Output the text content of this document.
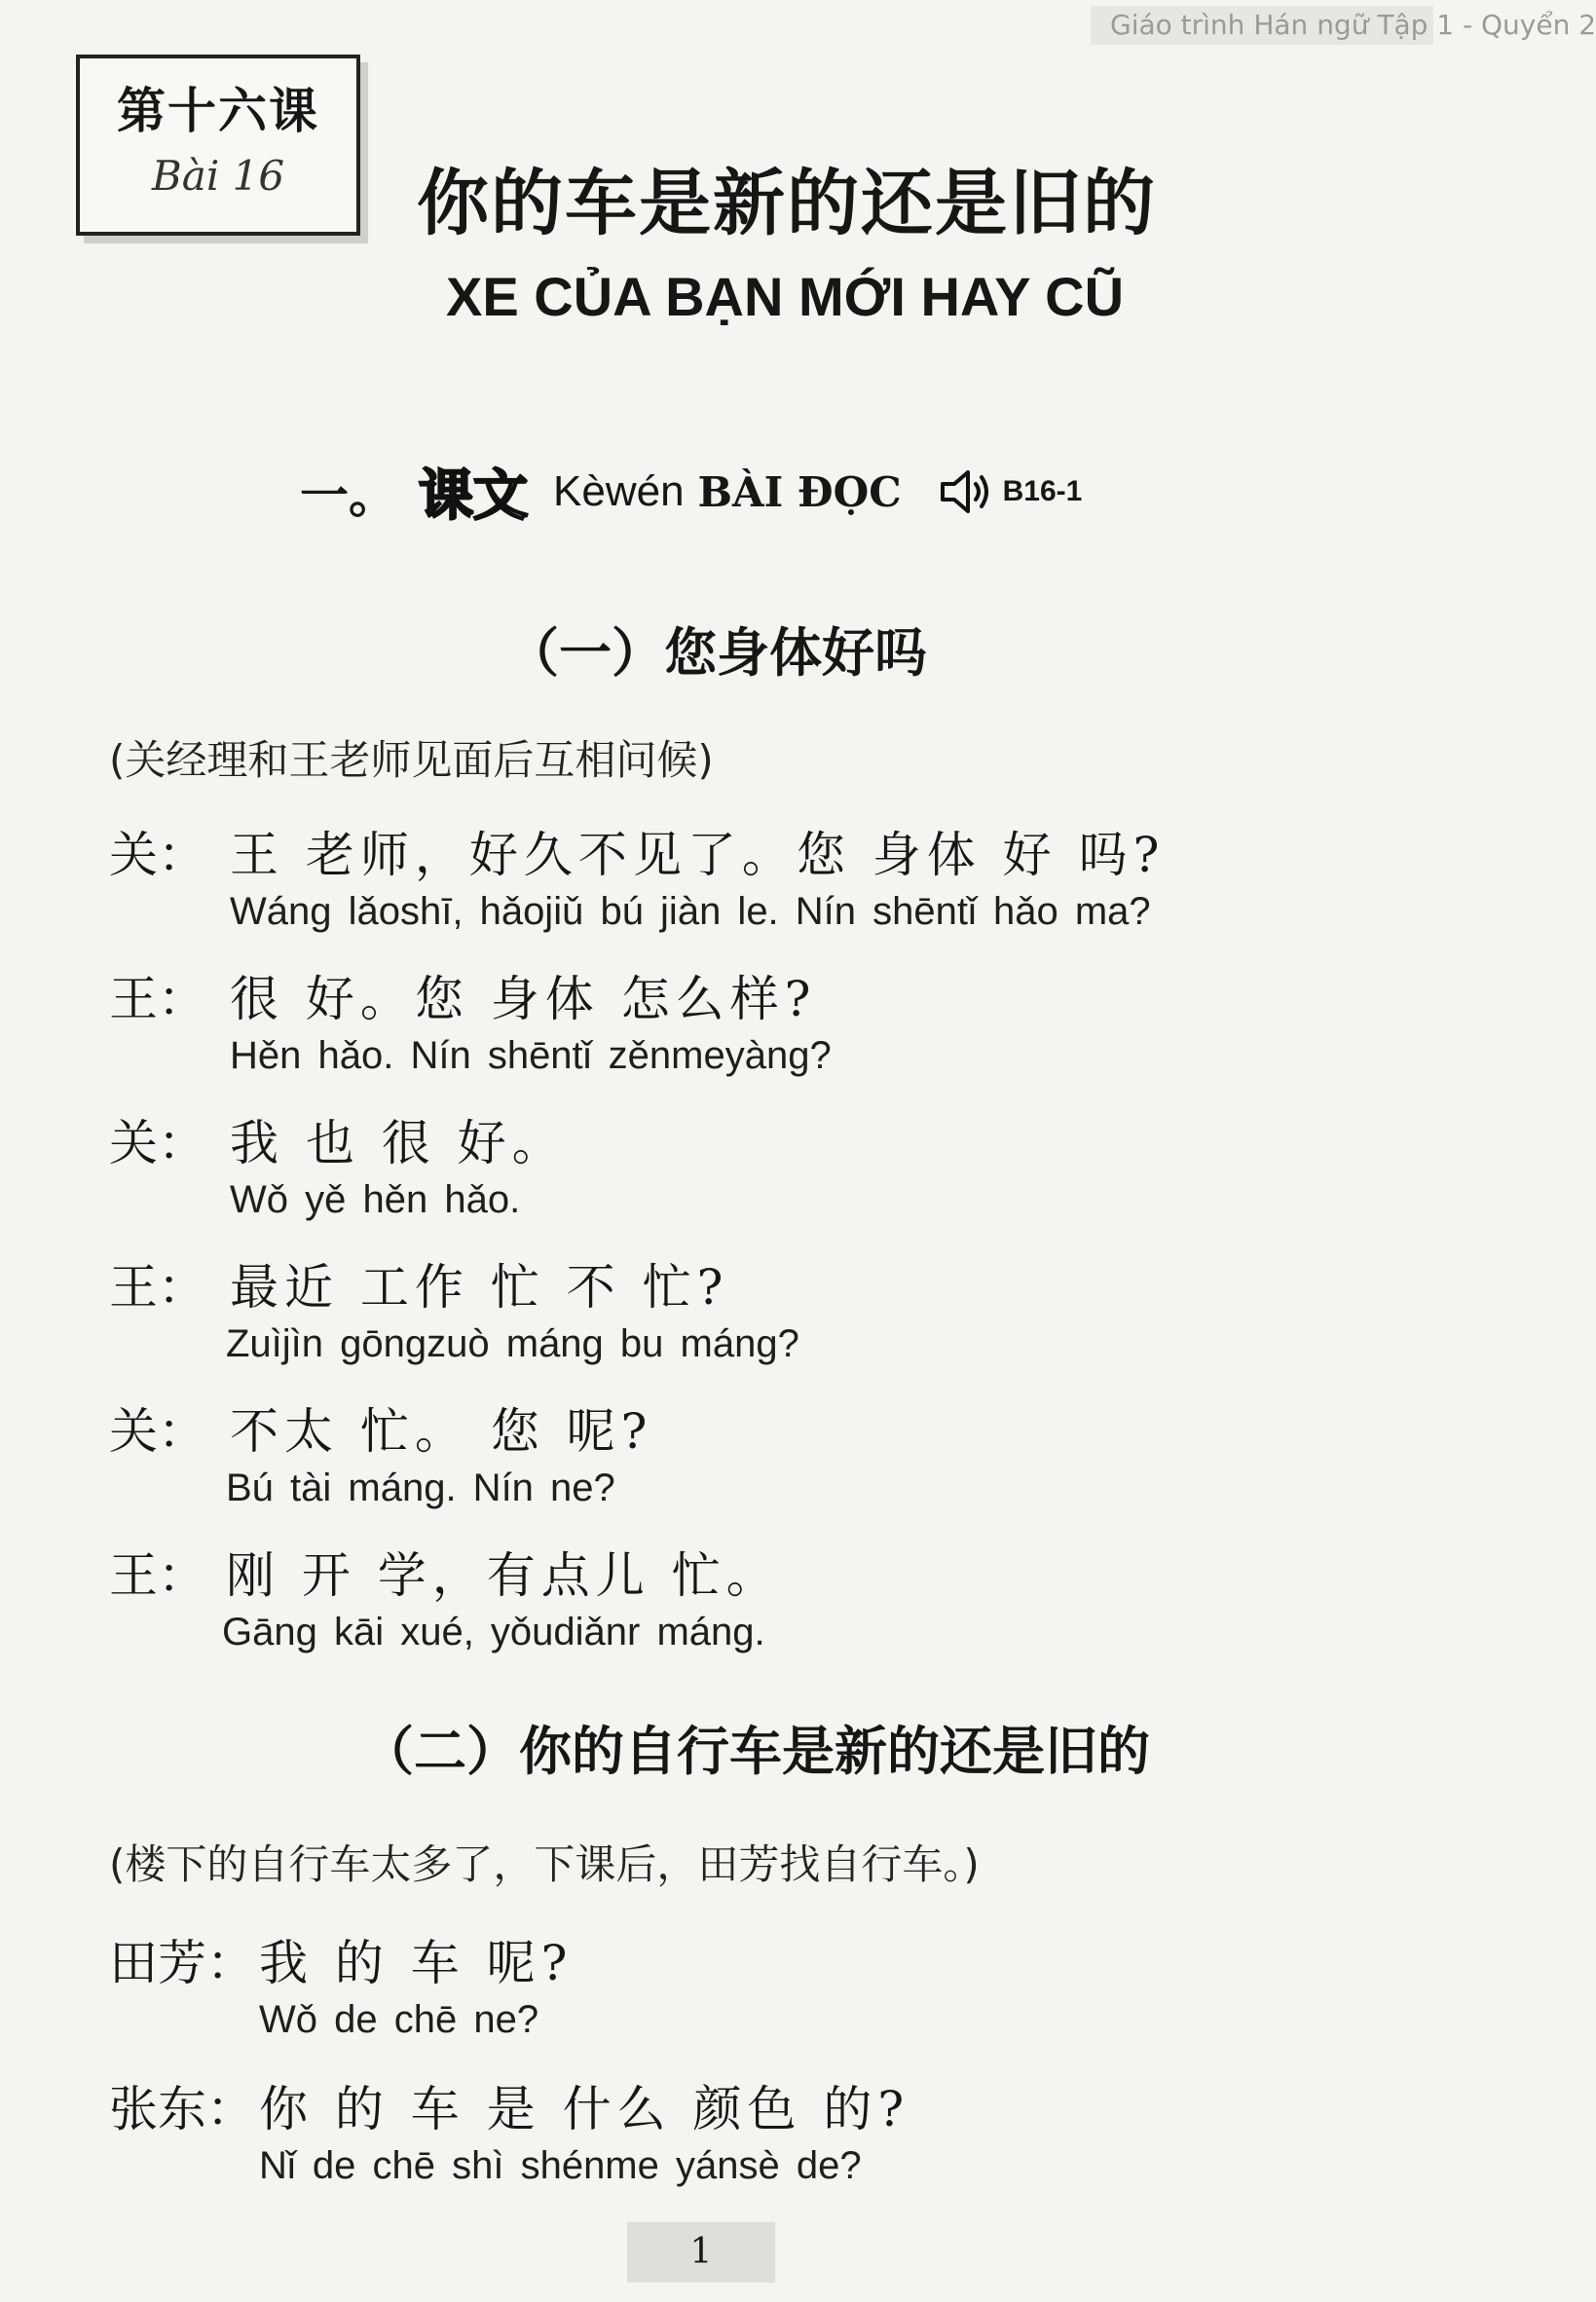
Giáo trình Hán ngữ Tập 1 - Quyển 2
第十六课
Bài 16	你的车是新的还是旧的
XE CỦA BẠN MỚI HAY CŨ
一。 课文 Kèwén BÀI ĐỌC	B16-1
（一）您身体好吗
(关经理和王老师见面后互相问候)
关： 王 老师，好久不见了。您 身体 好 吗?
Wáng lǎoshī, hǎojiǔ bú jiàn le. Nín shēntǐ hǎo ma?
王： 很 好。您 身体 怎么样?
Hěn hǎo. Nín shēntǐ zěnmeyàng?
关： 我 也 很 好。
Wǒ yě hěn hǎo.
王： 最近 工作 忙 不 忙?
Zuìjìn gōngzuò máng bu máng?
关： 不太 忙。 您 呢?
Bú tài máng. Nín ne?
王： 刚 开 学，有点儿 忙。
Gāng kāi xué, yǒudiǎnr máng.
（二）你的自行车是新的还是旧的
(楼下的自行车太多了，下课后，田芳找自行车。)
田芳： 我 的 车 呢?
Wǒ de chē ne?
张东： 你 的 车 是 什么 颜色 的?
Nǐ de chē shì shénme yánsè de?
1
